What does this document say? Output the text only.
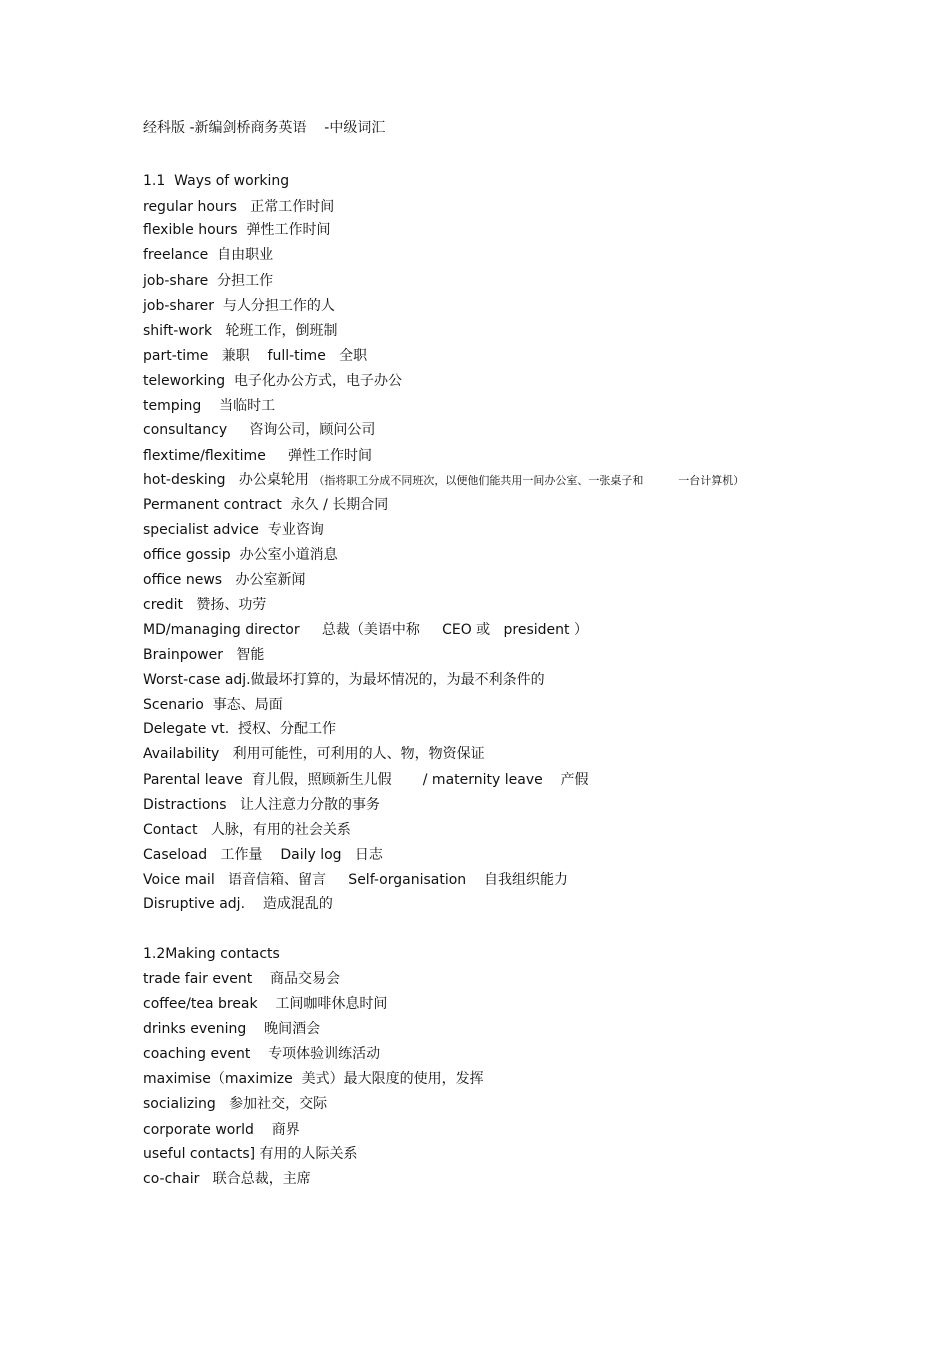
经科版 -新编剑桥商务英语    -中级词汇
1.1  Ways of working
regular hours   正常工作时间
flexible hours  弹性工作时间
freelance  自由职业
job-share  分担工作
job-sharer  与人分担工作的人
shift-work   轮班工作，倒班制
part-time   兼职    full-time   全职
teleworking  电子化办公方式，电子办公
temping    当临时工
consultancy     咨询公司，顾问公司
flextime/flexitime     弹性工作时间
hot-desking   办公桌轮用 （指将职工分成不同班次，以便他们能共用一间办公室、一张桌子和          一台计算机）
Permanent contract  永久 / 长期合同
specialist advice  专业咨询
office gossip  办公室小道消息
office news   办公室新闻
credit   赞扬、功劳
MD/managing director     总裁（美语中称     CEO 或   president ）
Brainpower   智能
Worst-case adj.做最坏打算的，为最坏情况的，为最不利条件的
Scenario  事态、局面
Delegate vt.  授权、分配工作
Availability   利用可能性，可利用的人、物，物资保证
Parental leave  育儿假，照顾新生儿假       / maternity leave    产假
Distractions   让人注意力分散的事务
Contact   人脉，有用的社会关系
Caseload   工作量    Daily log   日志
Voice mail   语音信箱、留言     Self-organisation    自我组织能力
Disruptive adj.    造成混乱的
1.2Making contacts
trade fair event    商品交易会
coffee/tea break    工间咖啡休息时间
drinks evening    晚间酒会
coaching event    专项体验训练活动
maximise（maximize  美式）最大限度的使用，发挥
socializing   参加社交，交际
corporate world    商界
useful contacts] 有用的人际关系
co-chair   联合总裁，主席
